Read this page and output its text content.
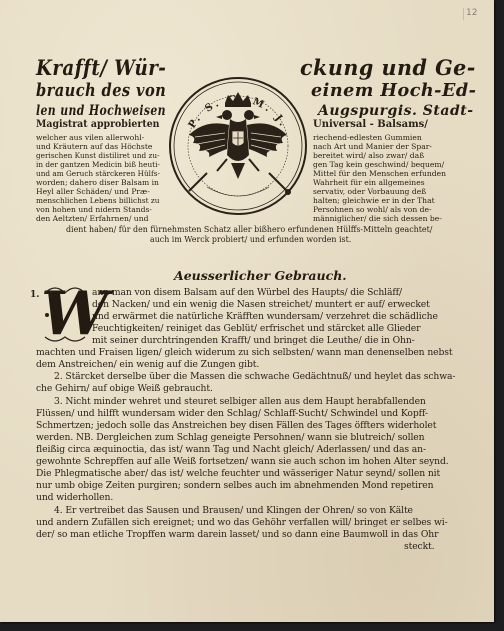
12
Krafft/ Wür-	ckung und Ge-
brauch des von	einem Hoch-Ed-
len und Hochweisen	Augspurgis. Stadt-
P. S. C. M. J.
Magistrat approbierten
welcher aus vilen allerwohl-
und Kräutern auf das Höchste
gerischen Kunst distiliret und zu-
in der gantzen Medicin biß heuti-
und am Geruch stärckeren Hülfs-
worden; dahero diser Balsam in
Heyl aller Schäden/ und Præ-
menschlichen Lebens billichst zu
von hohen und nidern Stands-
den Aeltzten/ Erfahrnen/ und
Universal - Balsams/
riechend-edlesten Gummien
nach Art und Manier der Spar-
bereitet wird/ also zwar/ daß
gen Tag kein geschwind/ bequem/
Mittel für den Menschen erfunden
Wahrheit für ein allgemeines
servativ, oder Vorbauung deß
halten; gleichwie er in der That
Persohnen so wohl/ als von de-
männiglicher/ die sich dessen be-
dient haben/ für den fürnehmsten Schatz aller bißhero erfundenen Hülffs-Mitteln geachtet/
auch im Werck probiert/ und erfunden worden ist.
Aeusserlicher Gebrauch.
W
1.	ann man von disem Balsam auf den Würbel des Haupts/ die Schläff/
den Nacken/ und ein wenig die Nasen streichet/ muntert er auf/ erwecket
und erwärmet die natürliche Kräfften wundersam/ verzehret die schädliche
Feuchtigkeiten/ reiniget das Geblüt/ erfrischet und stärcket alle Glieder
mit seiner durchtringenden Krafft/ und bringet die Leuthe/ die in Ohn-
machten und Fraisen ligen/ gleich widerum zu sich selbsten/ wann man denenselben nebst
dem Anstreichen/ ein wenig auf die Zungen gibt.
2. Stärcket derselbe über die Massen die schwache Gedächtnuß/ und heylet das schwa-
che Gehirn/ auf obige Weiß gebraucht.
3. Nicht minder wehret und steuret selbiger allen aus dem Haupt herabfallenden
Flüssen/ und hilfft wundersam wider den Schlag/ Schlaff-Sucht/ Schwindel und Kopff-
Schmertzen; jedoch solle das Anstreichen bey disen Fällen des Tages öffters widerholet
werden. NB. Dergleichen zum Schlag geneigte Persohnen/ wann sie blutreich/ sollen
fleißig circa æquinoctia, das ist/ wann Tag und Nacht gleich/ Aderlassen/ und das an-
gewohnte Schrepffen auf alle Weiß fortsetzen/ wann sie auch schon im hohen Alter seynd.
Die Phlegmatische aber/ das ist/ welche feuchter und wässeriger Natur seynd/ sollen nit
nur umb obige Zeiten purgiren; sondern selbes auch im abnehmenden Mond repetiren
und widerhollen.
4. Er vertreibet das Sausen und Brausen/ und Klingen der Ohren/ so von Kälte
und andern Zufällen sich ereignet; und wo das Gehöhr verfallen will/ bringet er selbes wi-
der/ so man etliche Tropffen warm darein lasset/ und so dann eine Baumwoll in das Ohr
steckt.
